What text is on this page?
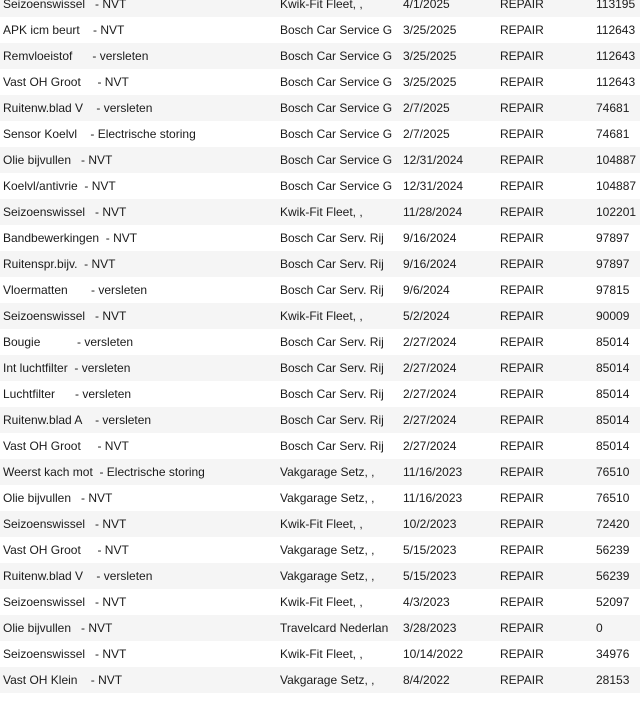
Seizoenswissel   - NVT	Kwik-Fit Fleet, ,	4/1/2025	REPAIR	113195
APK icm beurt    - NVT	Bosch Car Service G 3/25/2025	REPAIR	112643
Remvloeistof      - versleten	Bosch Car Service G 3/25/2025	REPAIR	112643
Vast OH Groot     - NVT	Bosch Car Service G 3/25/2025	REPAIR	112643
Ruitenw.blad V    - versleten	Bosch Car Service G 2/7/2025	REPAIR	74681
Sensor Koelvl    - Electrische storing	Bosch Car Service G 2/7/2025	REPAIR	74681
Olie bijvullen   - NVT	Bosch Car Service G 12/31/2024	REPAIR	104887
Koelvl/antivrie  - NVT	Bosch Car Service G 12/31/2024	REPAIR	104887
Seizoenswissel   - NVT	Kwik-Fit Fleet, ,	11/28/2024	REPAIR	102201
Bandbewerkingen  - NVT	Bosch Car Serv. Rij	9/16/2024	REPAIR	97897
Ruitenspr.bijv.  - NVT	Bosch Car Serv. Rij	9/16/2024	REPAIR	97897
Vloermatten       - versleten	Bosch Car Serv. Rij	9/6/2024	REPAIR	97815
Seizoenswissel   - NVT	Kwik-Fit Fleet, ,	5/2/2024	REPAIR	90009
Bougie           - versleten	Bosch Car Serv. Rij	2/27/2024	REPAIR	85014
Int luchtfilter  - versleten	Bosch Car Serv. Rij	2/27/2024	REPAIR	85014
Luchtfilter      - versleten	Bosch Car Serv. Rij	2/27/2024	REPAIR	85014
Ruitenw.blad A    - versleten	Bosch Car Serv. Rij	2/27/2024	REPAIR	85014
Vast OH Groot     - NVT	Bosch Car Serv. Rij	2/27/2024	REPAIR	85014
Weerst kach mot  - Electrische storing	Vakgarage Setz, ,	11/16/2023	REPAIR	76510
Olie bijvullen   - NVT	Vakgarage Setz, ,	11/16/2023	REPAIR	76510
Seizoenswissel   - NVT	Kwik-Fit Fleet, ,	10/2/2023	REPAIR	72420
Vast OH Groot     - NVT	Vakgarage Setz, ,	5/15/2023	REPAIR	56239
Ruitenw.blad V    - versleten	Vakgarage Setz, ,	5/15/2023	REPAIR	56239
Seizoenswissel   - NVT	Kwik-Fit Fleet, ,	4/3/2023	REPAIR	52097
Olie bijvullen   - NVT	Travelcard Nederlan	3/28/2023	REPAIR	0
Seizoenswissel   - NVT	Kwik-Fit Fleet, ,	10/14/2022	REPAIR	34976
Vast OH Klein    - NVT	Vakgarage Setz, ,	8/4/2022	REPAIR	28153
